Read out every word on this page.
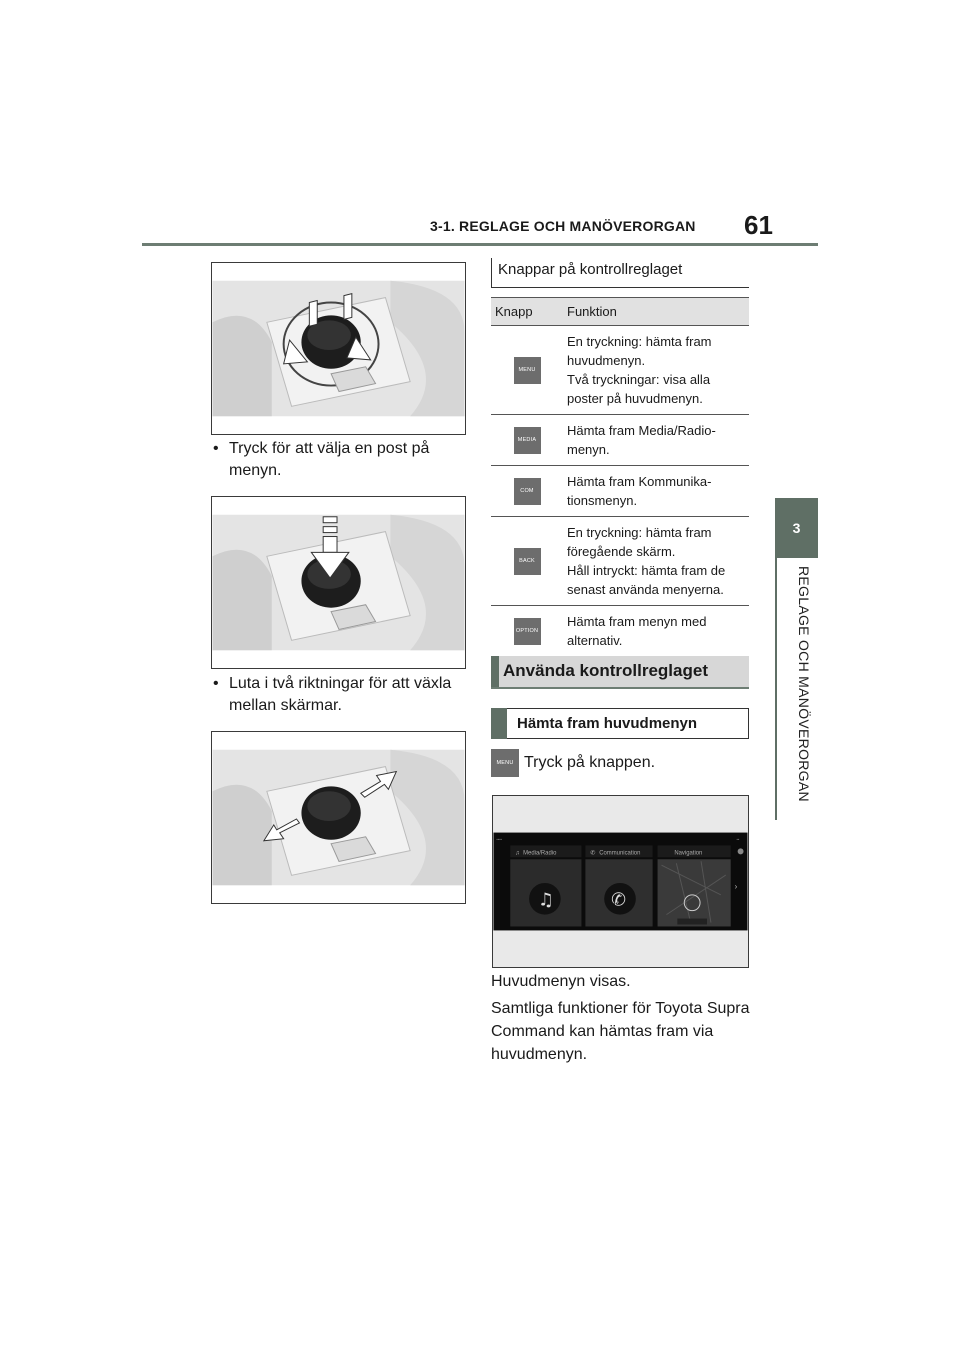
3-1. REGLAGE OCH MANÖVERORGAN 61
3
REGLAGE OCH MANÖVERORGAN
• Tryck för att välja en post på menyn.
• Luta i två riktningar för att växla mellan skärmar.
Knappar på kontrollreglaget
Knapp	Funktion
MENU	En tryckning: hämta fram
huvudmenyn.
Två tryckningar: visa alla
poster på huvudmenyn.

MEDIA	Hämta fram Media/Radio-
menyn.

COM	Hämta fram Kommunika-
tionsmenyn.

BACK	En tryckning: hämta fram
föregående skärm.
Håll intryckt: hämta fram de
senast använda menyerna.

OPTION	Hämta fram menyn med
alternativ.
Använda kontrollreglaget
Hämta fram huvudmenyn
MENU Tryck på knappen.
▪▪▪▪	▪▪
♫ Media/Radio
♫
✆ Communication
✆
Navigation
›
Huvudmenyn visas.
Samtliga funktioner för Toyota Supra Command kan hämtas fram via huvudmenyn.
